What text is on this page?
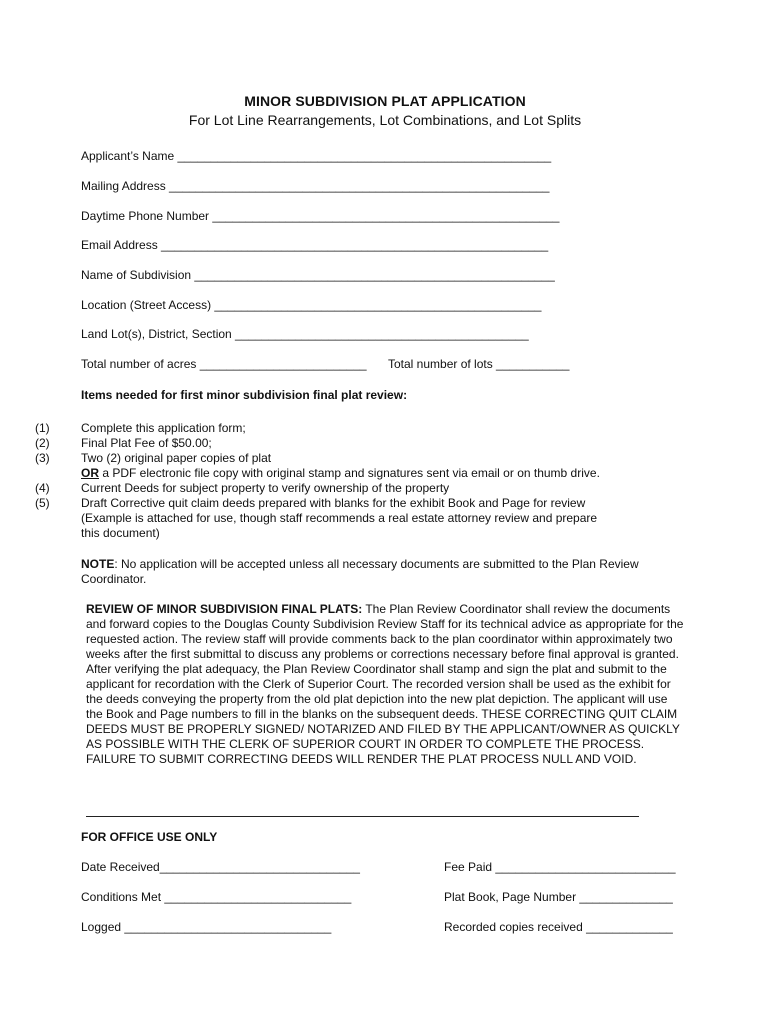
MINOR SUBDIVISION PLAT APPLICATION
For Lot Line Rearrangements, Lot Combinations, and Lot Splits
Applicant’s Name ________________________________________________________
Mailing Address _________________________________________________________
Daytime Phone Number ____________________________________________________
Email Address __________________________________________________________
Name of Subdivision ______________________________________________________
Location (Street Access) _________________________________________________
Land Lot(s), District, Section ____________________________________________
Total number of acres _________________________ Total number of lots ___________
Items needed for first minor subdivision final plat review:
(1)	Complete this application form;
(2)	Final Plat Fee of $50.00;
(3)	Two (2) original paper copies of plat
OR a PDF electronic file copy with original stamp and signatures sent via email or on thumb drive.
(4)	Current Deeds for subject property to verify ownership of the property
(5)	Draft Corrective quit claim deeds prepared with blanks for the exhibit Book and Page for review
(Example is attached for use, though staff recommends a real estate attorney review and prepare
this document)
NOTE: No application will be accepted unless all necessary documents are submitted to the Plan Review Coordinator.
REVIEW OF MINOR SUBDIVISION FINAL PLATS: The Plan Review Coordinator shall review the documents and forward copies to the Douglas County Subdivision Review Staff for its technical advice as appropriate for the requested action. The review staff will provide comments back to the plan coordinator within approximately two weeks after the first submittal to discuss any problems or corrections necessary before final approval is granted. After verifying the plat adequacy, the Plan Review Coordinator shall stamp and sign the plat and submit to the applicant for recordation with the Clerk of Superior Court. The recorded version shall be used as the exhibit for the deeds conveying the property from the old plat depiction into the new plat depiction. The applicant will use the Book and Page numbers to fill in the blanks on the subsequent deeds. THESE CORRECTING QUIT CLAIM DEEDS MUST BE PROPERLY SIGNED/ NOTARIZED AND FILED BY THE APPLICANT/OWNER AS QUICKLY AS POSSIBLE WITH THE CLERK OF SUPERIOR COURT IN ORDER TO COMPLETE THE PROCESS. FAILURE TO SUBMIT CORRECTING DEEDS WILL RENDER THE PLAT PROCESS NULL AND VOID.
FOR OFFICE USE ONLY
Date Received______________________________	Fee Paid ___________________________
Conditions Met ____________________________	Plat Book, Page Number ______________
Logged _______________________________	Recorded copies received _____________
